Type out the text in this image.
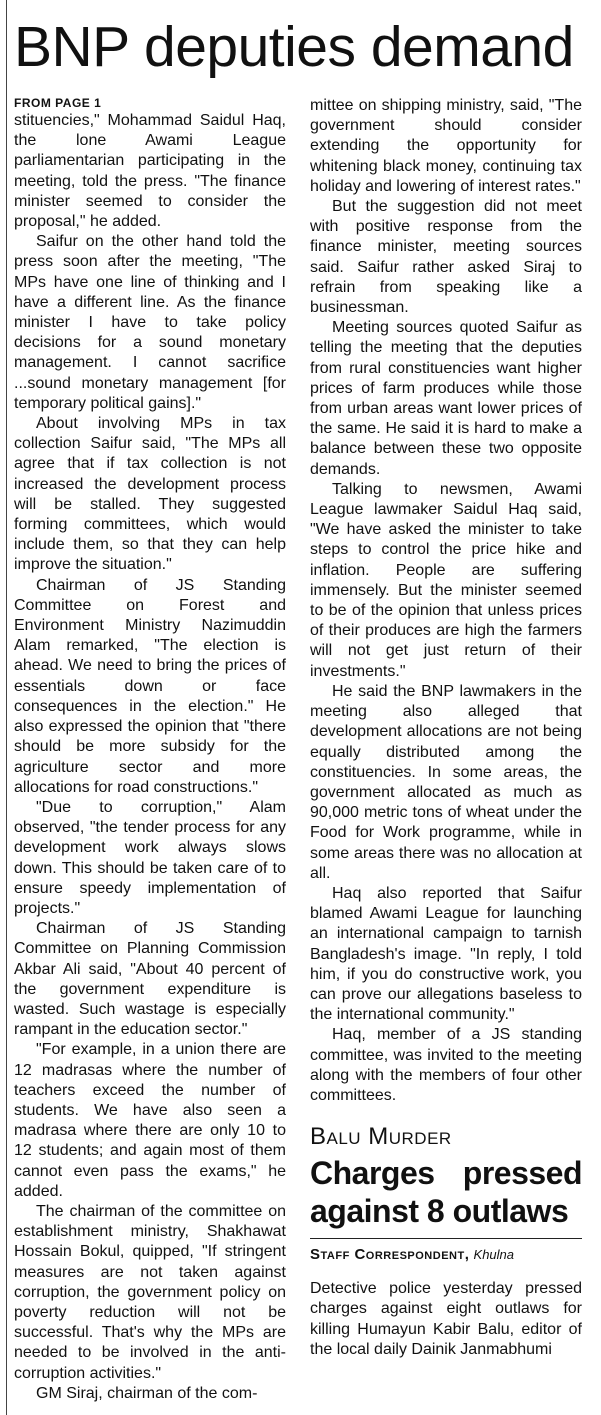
BNP deputies demand
FROM PAGE 1

stituencies," Mohammad Saidul Haq, the lone Awami League parliamentarian participating in the meeting, told the press. "The finance minister seemed to consider the proposal," he added.

Saifur on the other hand told the press soon after the meeting, "The MPs have one line of thinking and I have a different line. As the finance minister I have to take policy decisions for a sound monetary management. I cannot sacrifice ...sound monetary management [for temporary political gains]."

About involving MPs in tax collection Saifur said, "The MPs all agree that if tax collection is not increased the development process will be stalled. They suggested forming committees, which would include them, so that they can help improve the situation."

Chairman of JS Standing Committee on Forest and Environment Ministry Nazimuddin Alam remarked, "The election is ahead. We need to bring the prices of essentials down or face consequences in the election." He also expressed the opinion that "there should be more subsidy for the agriculture sector and more allocations for road constructions."

"Due to corruption," Alam observed, "the tender process for any development work always slows down. This should be taken care of to ensure speedy implementation of projects."

Chairman of JS Standing Committee on Planning Commission Akbar Ali said, "About 40 percent of the government expenditure is wasted. Such wastage is especially rampant in the education sector."

"For example, in a union there are 12 madrasas where the number of teachers exceed the number of students. We have also seen a madrasa where there are only 10 to 12 students; and again most of them cannot even pass the exams," he added.

The chairman of the committee on establishment ministry, Shakhawat Hossain Bokul, quipped, "If stringent measures are not taken against corruption, the government policy on poverty reduction will not be successful. That's why the MPs are needed to be involved in the anti-corruption activities."

GM Siraj, chairman of the com-

mittee on shipping ministry, said, "The government should consider extending the opportunity for whitening black money, continuing tax holiday and lowering of interest rates."

But the suggestion did not meet with positive response from the finance minister, meeting sources said. Saifur rather asked Siraj to refrain from speaking like a businessman.

Meeting sources quoted Saifur as telling the meeting that the deputies from rural constituencies want higher prices of farm produces while those from urban areas want lower prices of the same. He said it is hard to make a balance between these two opposite demands.

Talking to newsmen, Awami League lawmaker Saidul Haq said, "We have asked the minister to take steps to control the price hike and inflation. People are suffering immensely. But the minister seemed to be of the opinion that unless prices of their produces are high the farmers will not get just return of their investments."

He said the BNP lawmakers in the meeting also alleged that development allocations are not being equally distributed among the constituencies. In some areas, the government allocated as much as 90,000 metric tons of wheat under the Food for Work programme, while in some areas there was no allocation at all.

Haq also reported that Saifur blamed Awami League for launching an international campaign to tarnish Bangladesh's image. "In reply, I told him, if you do constructive work, you can prove our allegations baseless to the international community."

Haq, member of a JS standing committee, was invited to the meeting along with the members of four other committees.

Balu Murder
Charges pressed against 8 outlaws
Staff Correspondent, Khulna

Detective police yesterday pressed charges against eight outlaws for killing Humayun Kabir Balu, editor of the local daily Dainik Janmabhumi
